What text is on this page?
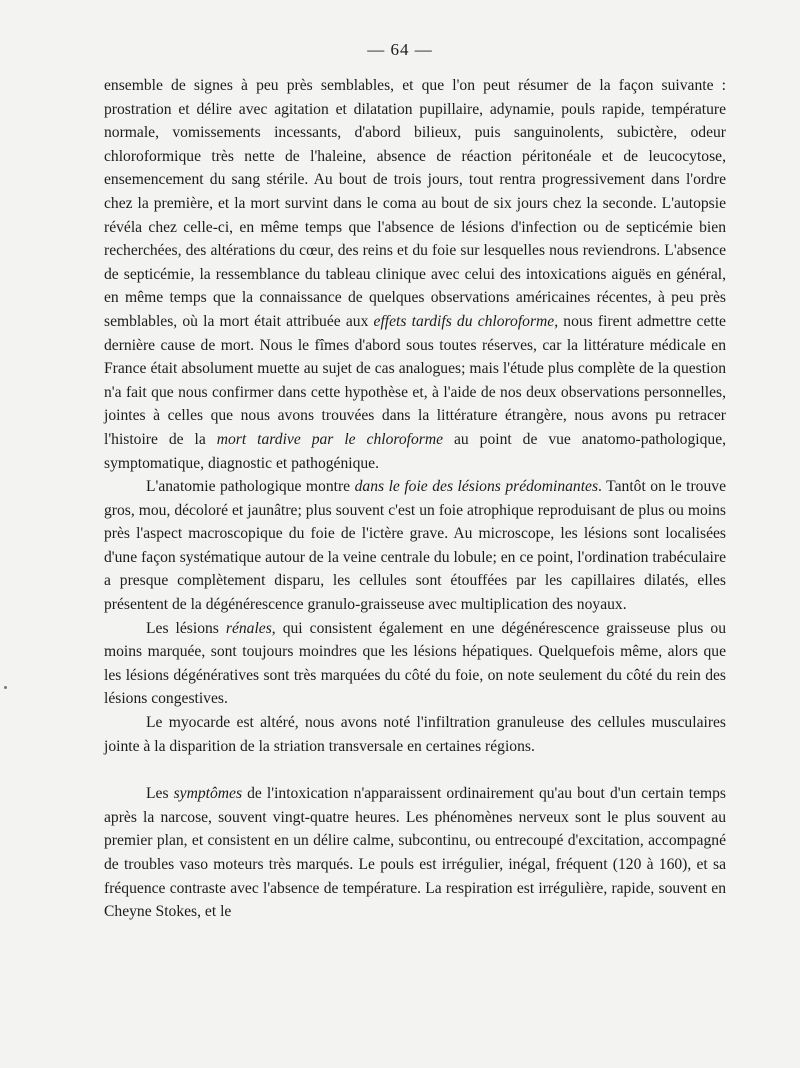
— 64 —

ensemble de signes à peu près semblables, et que l'on peut résumer de la façon suivante : prostration et délire avec agitation et dilatation pupillaire, adynamie, pouls rapide, température normale, vomissements incessants, d'abord bilieux, puis sanguinolents, subictère, odeur chloroformique très nette de l'haleine, absence de réaction péritonéale et de leucocytose, ensemencement du sang stérile. Au bout de trois jours, tout rentra progressivement dans l'ordre chez la première, et la mort survint dans le coma au bout de six jours chez la seconde. L'autopsie révéla chez celle-ci, en même temps que l'absence de lésions d'infection ou de septicémie bien recherchées, des altérations du cœur, des reins et du foie sur lesquelles nous reviendrons. L'absence de septicémie, la ressemblance du tableau clinique avec celui des intoxications aiguës en général, en même temps que la connaissance de quelques observations américaines récentes, à peu près semblables, où la mort était attribuée aux effets tardifs du chloroforme, nous firent admettre cette dernière cause de mort. Nous le fîmes d'abord sous toutes réserves, car la littérature médicale en France était absolument muette au sujet de cas analogues; mais l'étude plus complète de la question n'a fait que nous confirmer dans cette hypothèse et, à l'aide de nos deux observations personnelles, jointes à celles que nous avons trouvées dans la littérature étrangère, nous avons pu retracer l'histoire de la mort tardive par le chloroforme au point de vue anatomo-pathologique, symptomatique, diagnostic et pathogénique.

L'anatomie pathologique montre dans le foie des lésions prédominantes. Tantôt on le trouve gros, mou, décoloré et jaunâtre; plus souvent c'est un foie atrophique reproduisant de plus ou moins près l'aspect macroscopique du foie de l'ictère grave. Au microscope, les lésions sont localisées d'une façon systématique autour de la veine centrale du lobule; en ce point, l'ordination trabéculaire a presque complètement disparu, les cellules sont étouffées par les capillaires dilatés, elles présentent de la dégénérescence granulo-graisseuse avec multiplication des noyaux.

Les lésions rénales, qui consistent également en une dégénérescence graisseuse plus ou moins marquée, sont toujours moindres que les lésions hépatiques. Quelquefois même, alors que les lésions dégénératives sont très marquées du côté du foie, on note seulement du côté du rein des lésions congestives.

Le myocarde est altéré, nous avons noté l'infiltration granuleuse des cellules musculaires jointe à la disparition de la striation transversale en certaines régions.

Les symptômes de l'intoxication n'apparaissent ordinairement qu'au bout d'un certain temps après la narcose, souvent vingt-quatre heures. Les phénomènes nerveux sont le plus souvent au premier plan, et consistent en un délire calme, subcontinu, ou entrecoupé d'excitation, accompagné de troubles vaso moteurs très marqués. Le pouls est irrégulier, inégal, fréquent (120 à 160), et sa fréquence contraste avec l'absence de température. La respiration est irrégulière, rapide, souvent en Cheyne Stokes, et le
